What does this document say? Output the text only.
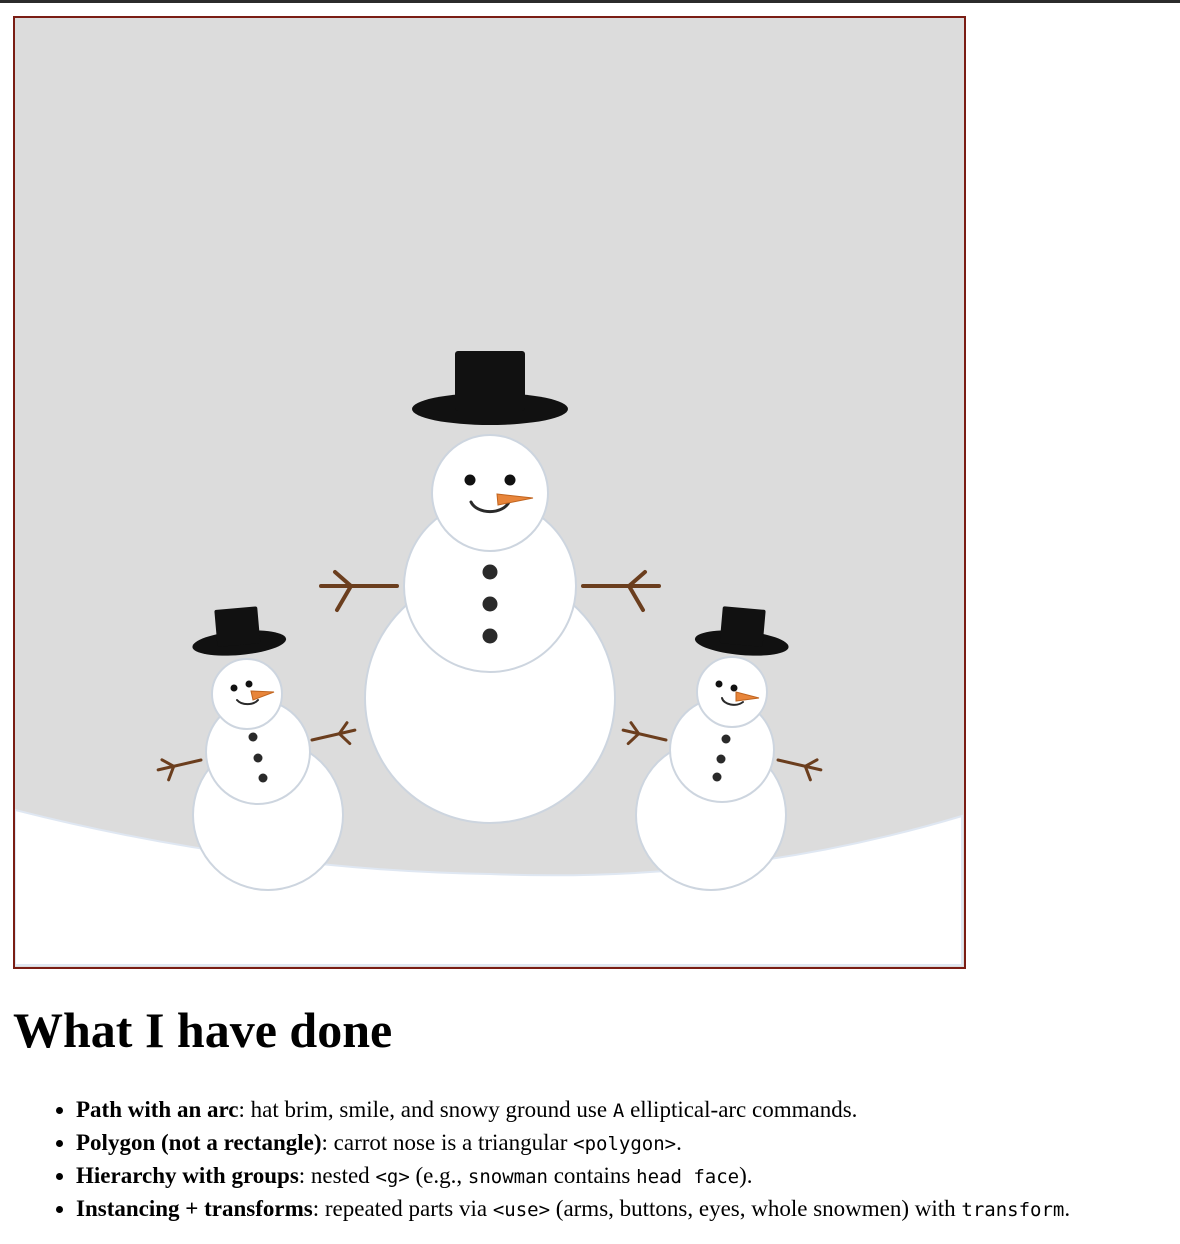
What I have done
• Path with an arc: hat brim, smile, and snowy ground use A elliptical-arc commands.
• Polygon (not a rectangle): carrot nose is a triangular <polygon>.
• Hierarchy with groups: nested <g> (e.g., snowman contains head face).
• Instancing + transforms: repeated parts via <use> (arms, buttons, eyes, whole snowmen) with transform.
